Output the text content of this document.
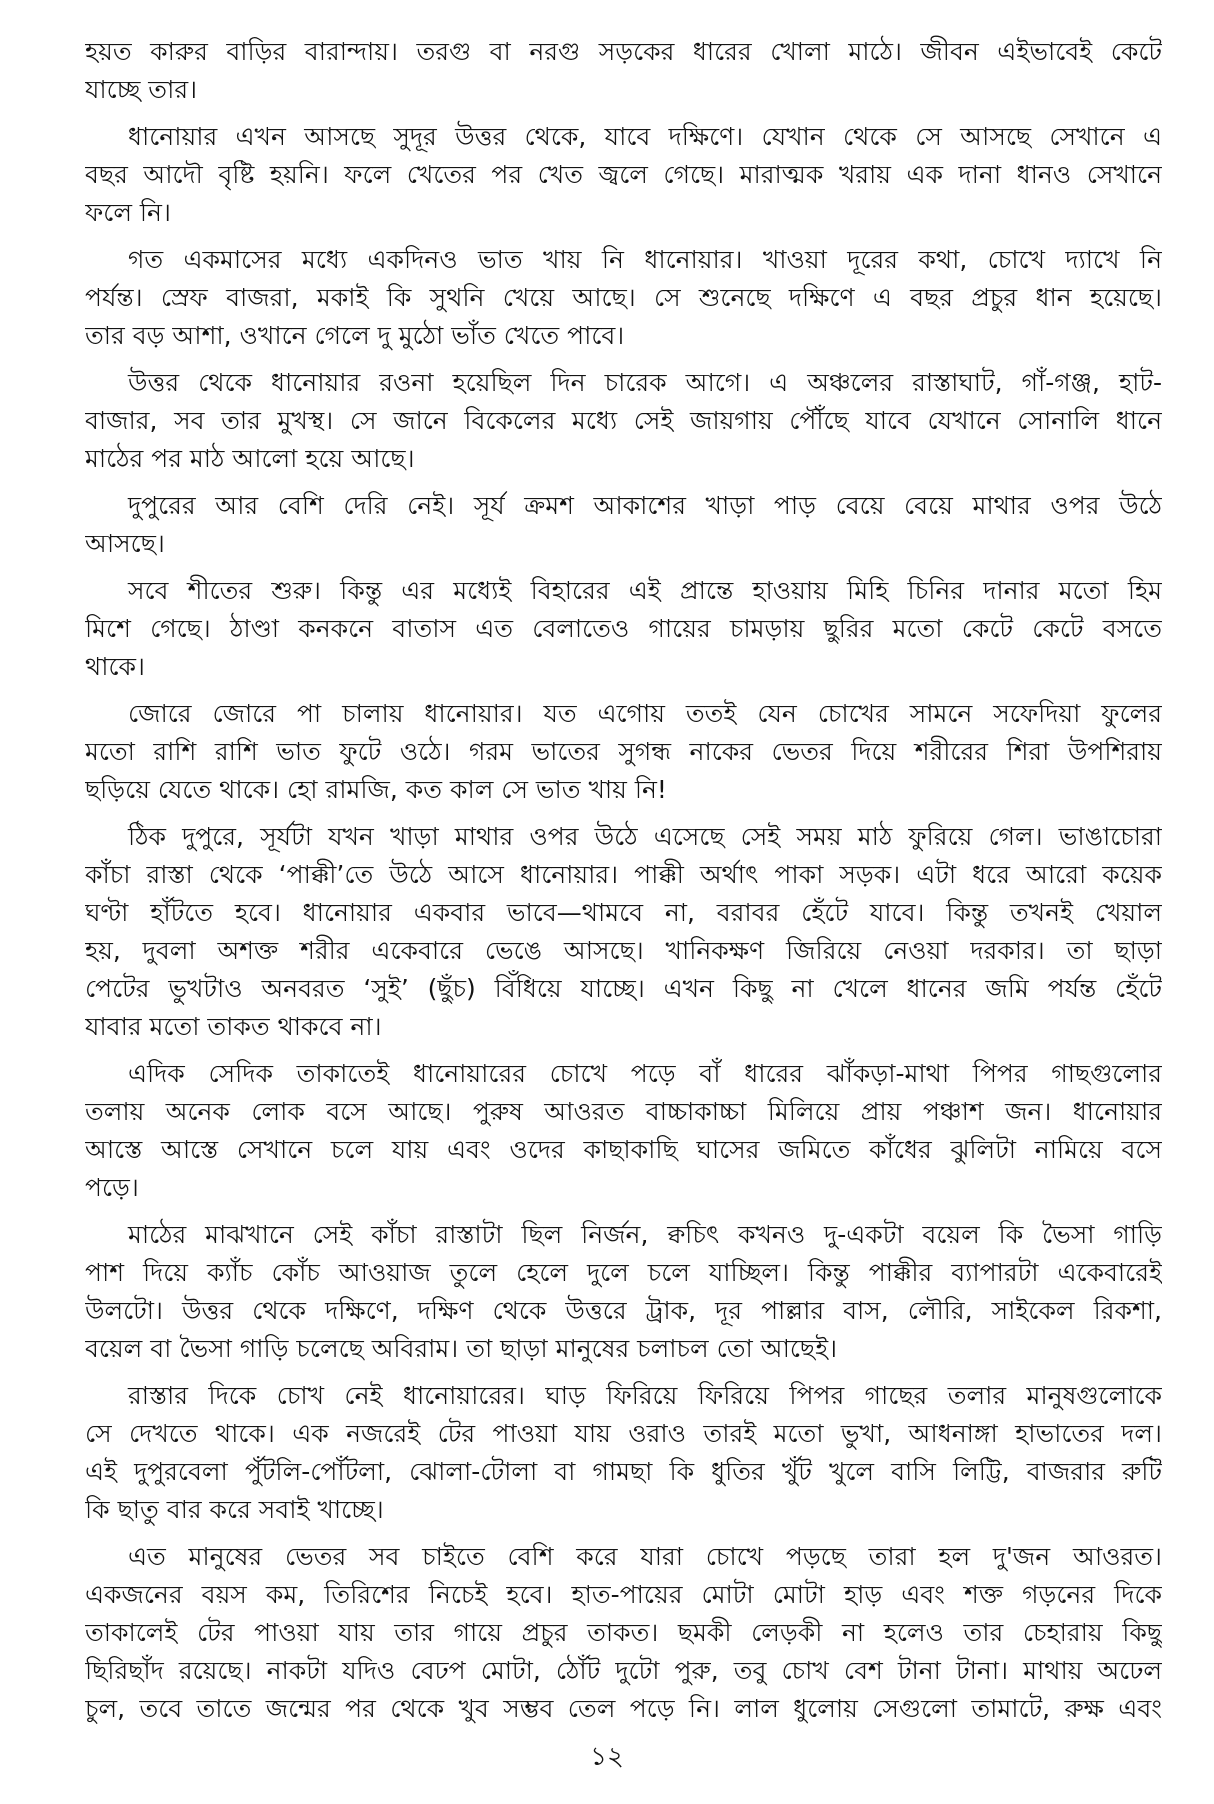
হয়ত কারুর বাড়ির বারান্দায়। তরগু বা নরগু সড়কের ধারের খোলা মাঠে। জীবন এইভাবেই কেটে
যাচ্ছে তার।
ধানোয়ার এখন আসছে সুদূর উত্তর থেকে, যাবে দক্ষিণে। যেখান থেকে সে আসছে সেখানে এ
বছর আদৌ বৃষ্টি হয়নি। ফলে খেতের পর খেত জ্বলে গেছে। মারাত্মক খরায় এক দানা ধানও সেখানে
ফলে নি।
গত একমাসের মধ্যে একদিনও ভাত খায় নি ধানোয়ার। খাওয়া দূরের কথা, চোখে দ্যাখে নি
পর্যন্ত। স্রেফ বাজরা, মকাই কি সুথনি খেয়ে আছে। সে শুনেছে দক্ষিণে এ বছর প্রচুর ধান হয়েছে।
তার বড় আশা, ওখানে গেলে দু মুঠো ভাঁত খেতে পাবে।
উত্তর থেকে ধানোয়ার রওনা হয়েছিল দিন চারেক আগে। এ অঞ্চলের রাস্তাঘাট, গাঁ-গঞ্জ, হাট-
বাজার, সব তার মুখস্থ। সে জানে বিকেলের মধ্যে সেই জায়গায় পৌঁছে যাবে যেখানে সোনালি ধানে
মাঠের পর মাঠ আলো হয়ে আছে।
দুপুরের আর বেশি দেরি নেই। সূর্য ক্রমশ আকাশের খাড়া পাড় বেয়ে বেয়ে মাথার ওপর উঠে
আসছে।
সবে শীতের শুরু। কিন্তু এর মধ্যেই বিহারের এই প্রান্তে হাওয়ায় মিহি চিনির দানার মতো হিম
মিশে গেছে। ঠাণ্ডা কনকনে বাতাস এত বেলাতেও গায়ের চামড়ায় ছুরির মতো কেটে কেটে বসতে
থাকে।
জোরে জোরে পা চালায় ধানোয়ার। যত এগোয় ততই যেন চোখের সামনে সফেদিয়া ফুলের
মতো রাশি রাশি ভাত ফুটে ওঠে। গরম ভাতের সুগন্ধ নাকের ভেতর দিয়ে শরীরের শিরা উপশিরায়
ছড়িয়ে যেতে থাকে। হো রামজি, কত কাল সে ভাত খায় নি!
ঠিক দুপুরে, সূর্যটা যখন খাড়া মাথার ওপর উঠে এসেছে সেই সময় মাঠ ফুরিয়ে গেল। ভাঙাচোরা
কাঁচা রাস্তা থেকে ‘পাক্কী’তে উঠে আসে ধানোয়ার। পাক্কী অর্থাৎ পাকা সড়ক। এটা ধরে আরো কয়েক
ঘণ্টা হাঁটতে হবে। ধানোয়ার একবার ভাবে—থামবে না, বরাবর হেঁটে যাবে। কিন্তু তখনই খেয়াল
হয়, দুবলা অশক্ত শরীর একেবারে ভেঙে আসছে। খানিকক্ষণ জিরিয়ে নেওয়া দরকার। তা ছাড়া
পেটের ভুখটাও অনবরত ‘সুই’ (ছুঁচ) বিঁধিয়ে যাচ্ছে। এখন কিছু না খেলে ধানের জমি পর্যন্ত হেঁটে
যাবার মতো তাকত থাকবে না।
এদিক সেদিক তাকাতেই ধানোয়ারের চোখে পড়ে বাঁ ধারের ঝাঁকড়া-মাথা পিপর গাছগুলোর
তলায় অনেক লোক বসে আছে। পুরুষ আওরত বাচ্চাকাচ্চা মিলিয়ে প্রায় পঞ্চাশ জন। ধানোয়ার
আস্তে আস্তে সেখানে চলে যায় এবং ওদের কাছাকাছি ঘাসের জমিতে কাঁধের ঝুলিটা নামিয়ে বসে
পড়ে।
মাঠের মাঝখানে সেই কাঁচা রাস্তাটা ছিল নির্জন, ক্বচিৎ কখনও দু-একটা বয়েল কি ভৈসা গাড়ি
পাশ দিয়ে ক্যাঁচ কোঁচ আওয়াজ তুলে হেলে দুলে চলে যাচ্ছিল। কিন্তু পাক্কীর ব্যাপারটা একেবারেই
উলটো। উত্তর থেকে দক্ষিণে, দক্ষিণ থেকে উত্তরে ট্রাক, দূর পাল্লার বাস, লৌরি, সাইকেল রিকশা,
বয়েল বা ভৈসা গাড়ি চলেছে অবিরাম। তা ছাড়া মানুষের চলাচল তো আছেই।
রাস্তার দিকে চোখ নেই ধানোয়ারের। ঘাড় ফিরিয়ে ফিরিয়ে পিপর গাছের তলার মানুষগুলোকে
সে দেখতে থাকে। এক নজরেই টের পাওয়া যায় ওরাও তারই মতো ভুখা, আধনাঙ্গা হাভাতের দল।
এই দুপুরবেলা পুঁটলি-পোঁটলা, ঝোলা-টোলা বা গামছা কি ধুতির খুঁট খুলে বাসি লিট্টি, বাজরার রুটি
কি ছাতু বার করে সবাই খাচ্ছে।
এত মানুষের ভেতর সব চাইতে বেশি করে যারা চোখে পড়ছে তারা হল দু'জন আওরত।
একজনের বয়স কম, তিরিশের নিচেই হবে। হাত-পায়ের মোটা মোটা হাড় এবং শক্ত গড়নের দিকে
তাকালেই টের পাওয়া যায় তার গায়ে প্রচুর তাকত। ছমকী লেড়কী না হলেও তার চেহারায় কিছু
ছিরিছাঁদ রয়েছে। নাকটা যদিও বেঢপ মোটা, ঠোঁট দুটো পুরু, তবু চোখ বেশ টানা টানা। মাথায় অঢেল
চুল, তবে তাতে জন্মের পর থেকে খুব সম্ভব তেল পড়ে নি। লাল ধুলোয় সেগুলো তামাটে, রুক্ষ এবং
১২
